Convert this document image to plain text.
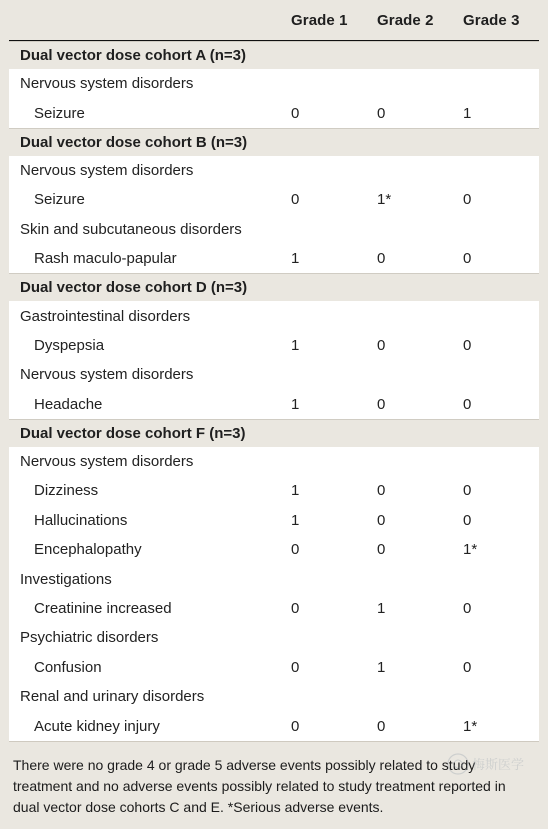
Grade 1	Grade 2	Grade 3
Dual vector dose cohort A (n=3)
Nervous system disorders
Seizure	0	0	1
Dual vector dose cohort B (n=3)
Nervous system disorders
Seizure	0	1*	0
Skin and subcutaneous disorders
Rash maculo-papular	1	0	0
Dual vector dose cohort D (n=3)
Gastrointestinal disorders
Dyspepsia	1	0	0
Nervous system disorders
Headache	1	0	0
Dual vector dose cohort F (n=3)
Nervous system disorders
Dizziness	1	0	0
Hallucinations	1	0	0
Encephalopathy	0	0	1*
Investigations
Creatinine increased	0	1	0
Psychiatric disorders
Confusion	0	1	0
Renal and urinary disorders
Acute kidney injury	0	0	1*
There were no grade 4 or grade 5 adverse events possibly related to study treatment and no adverse events possibly related to study treatment reported in dual vector dose cohorts C and E. *Serious adverse events.
梅斯医学
